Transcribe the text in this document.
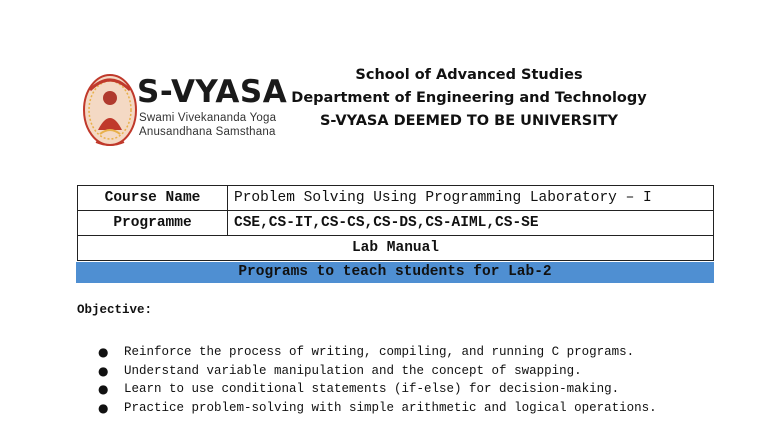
S-VYASA
Swami Vivekananda Yoga
Anusandhana Samsthana
School of Advanced Studies
Department of Engineering and Technology
S-VYASA DEEMED TO BE UNIVERSITY
Course Name	Problem Solving Using Programming Laboratory – I
Programme	CSE,CS-IT,CS-CS,CS-DS,CS-AIML,CS-SE
Lab Manual	
Programs to teach students for Lab-2
Objective:
● Reinforce the process of writing, compiling, and running C programs.
● Understand variable manipulation and the concept of swapping.
● Learn to use conditional statements (if-else) for decision-making.
● Practice problem-solving with simple arithmetic and logical operations.
